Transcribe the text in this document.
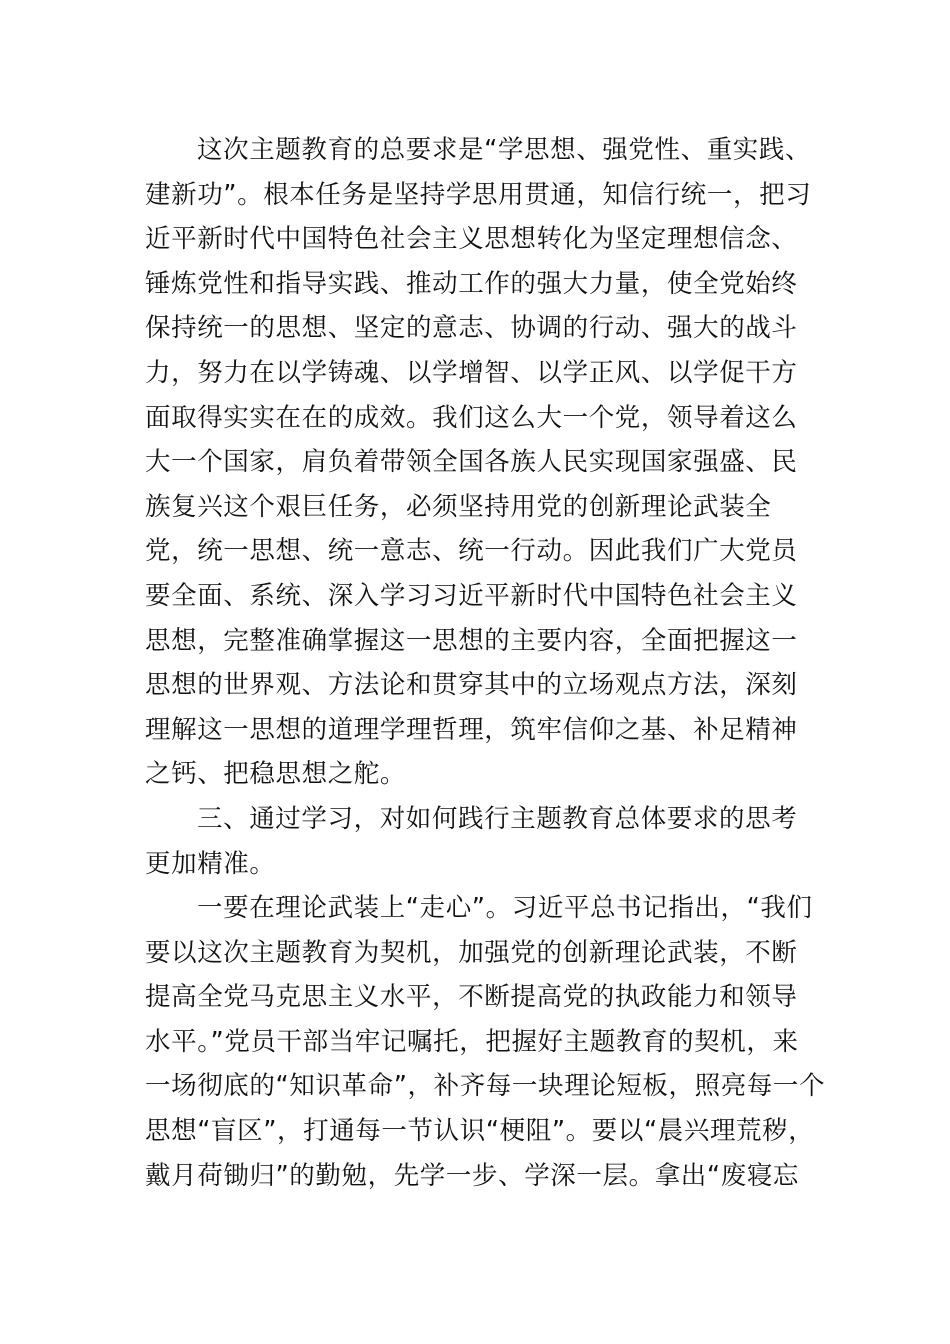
这次主题教育的总要求是“学思想、强党性、重实践、
建新功”。根本任务是坚持学思用贯通，知信行统一，把习
近平新时代中国特色社会主义思想转化为坚定理想信念、
锤炼党性和指导实践、推动工作的强大力量，使全党始终
保持统一的思想、坚定的意志、协调的行动、强大的战斗
力，努力在以学铸魂、以学增智、以学正风、以学促干方
面取得实实在在的成效。我们这么大一个党，领导着这么
大一个国家，肩负着带领全国各族人民实现国家强盛、民
族复兴这个艰巨任务，必须坚持用党的创新理论武装全
党，统一思想、统一意志、统一行动。因此我们广大党员
要全面、系统、深入学习习近平新时代中国特色社会主义
思想，完整准确掌握这一思想的主要内容，全面把握这一
思想的世界观、方法论和贯穿其中的立场观点方法，深刻
理解这一思想的道理学理哲理，筑牢信仰之基、补足精神
之钙、把稳思想之舵。
三、通过学习，对如何践行主题教育总体要求的思考
更加精准。
一要在理论武装上“走心”。习近平总书记指出，“我们
要以这次主题教育为契机，加强党的创新理论武装，不断
提高全党马克思主义水平，不断提高党的执政能力和领导
水平。”党员干部当牢记嘱托，把握好主题教育的契机，来
一场彻底的“知识革命”，补齐每一块理论短板，照亮每一个
思想“盲区”，打通每一节认识“梗阻”。要以“晨兴理荒秽，
戴月荷锄归”的勤勉，先学一步、学深一层。拿出“废寝忘
